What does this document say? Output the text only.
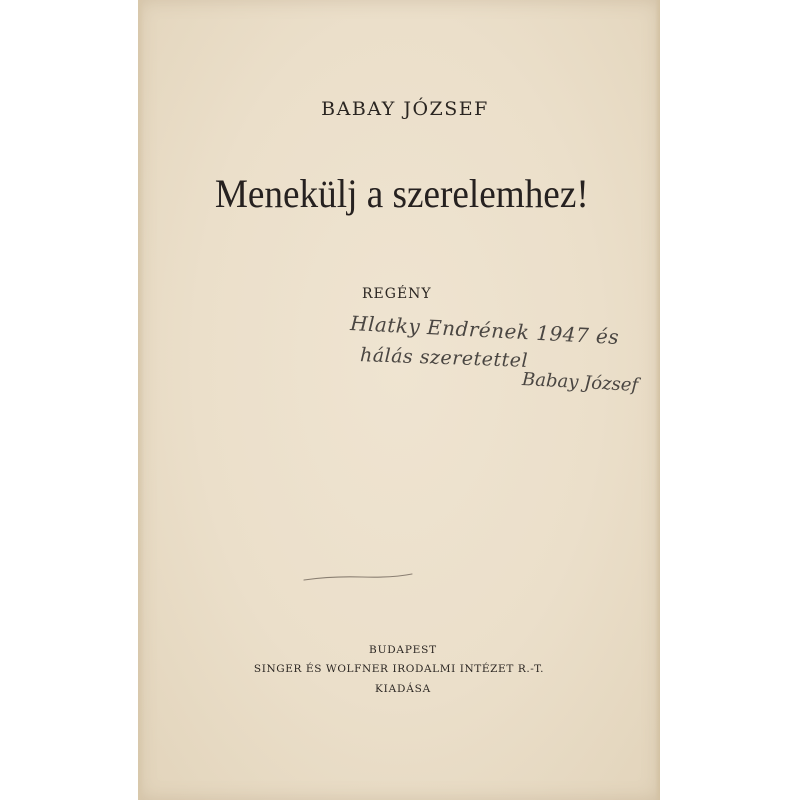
BABAY JÓZSEF
Menekülj a szerelemhez!
REGÉNY
Hlatky Endrének 1947 és
hálás szeretettel
Babay József
BUDAPEST
SINGER ÉS WOLFNER IRODALMI INTÉZET R.-T.
KIADÁSA
